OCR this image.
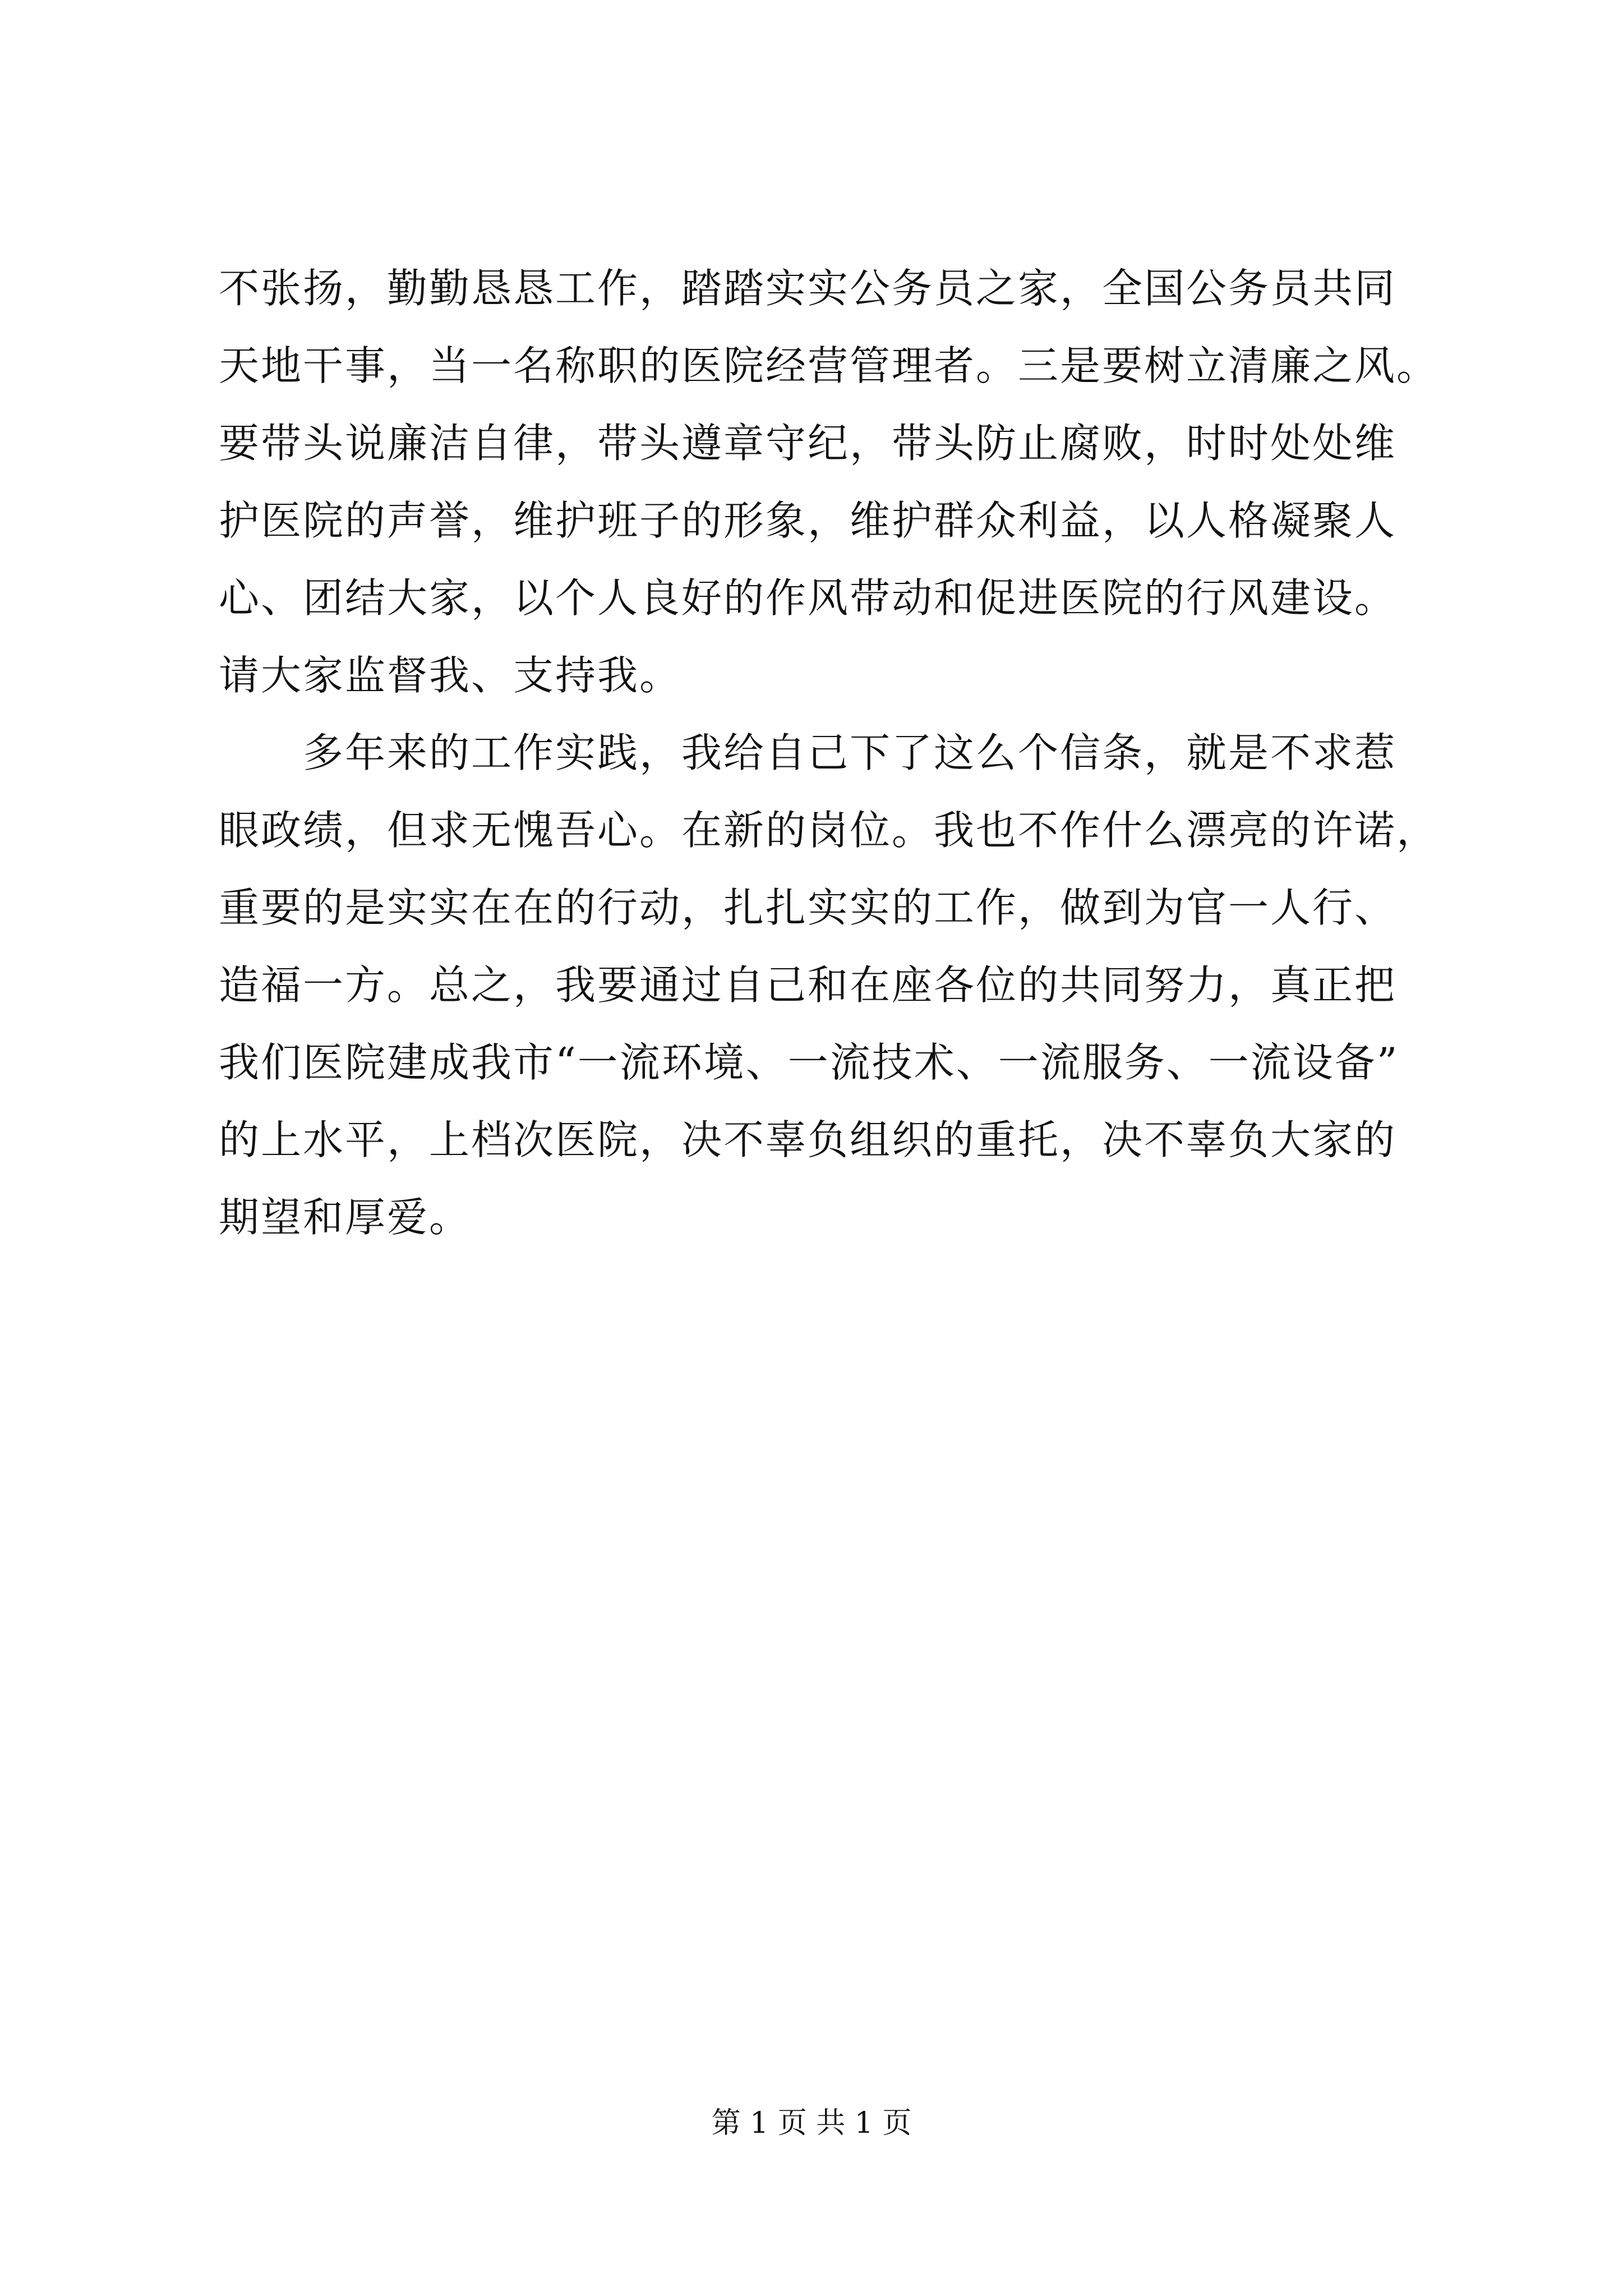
不张扬，勤勤恳恳工作，踏踏实实公务员之家，全国公务员共同
天地干事，当一名称职的医院经营管理者。三是要树立清廉之风。
要带头说廉洁自律，带头遵章守纪，带头防止腐败，时时处处维
护医院的声誉，维护班子的形象，维护群众利益，以人格凝聚人
心、团结大家，以个人良好的作风带动和促进医院的行风建设。
请大家监督我、支持我。
多年来的工作实践，我给自己下了这么个信条，就是不求惹
眼政绩，但求无愧吾心。在新的岗位。我也不作什么漂亮的许诺，
重要的是实实在在的行动，扎扎实实的工作，做到为官一人行、
造福一方。总之，我要通过自己和在座各位的共同努力，真正把
我们医院建成我市“一流环境、一流技术、一流服务、一流设备”
的上水平，上档次医院，决不辜负组织的重托，决不辜负大家的
期望和厚爱。
第 1 页 共 1 页
